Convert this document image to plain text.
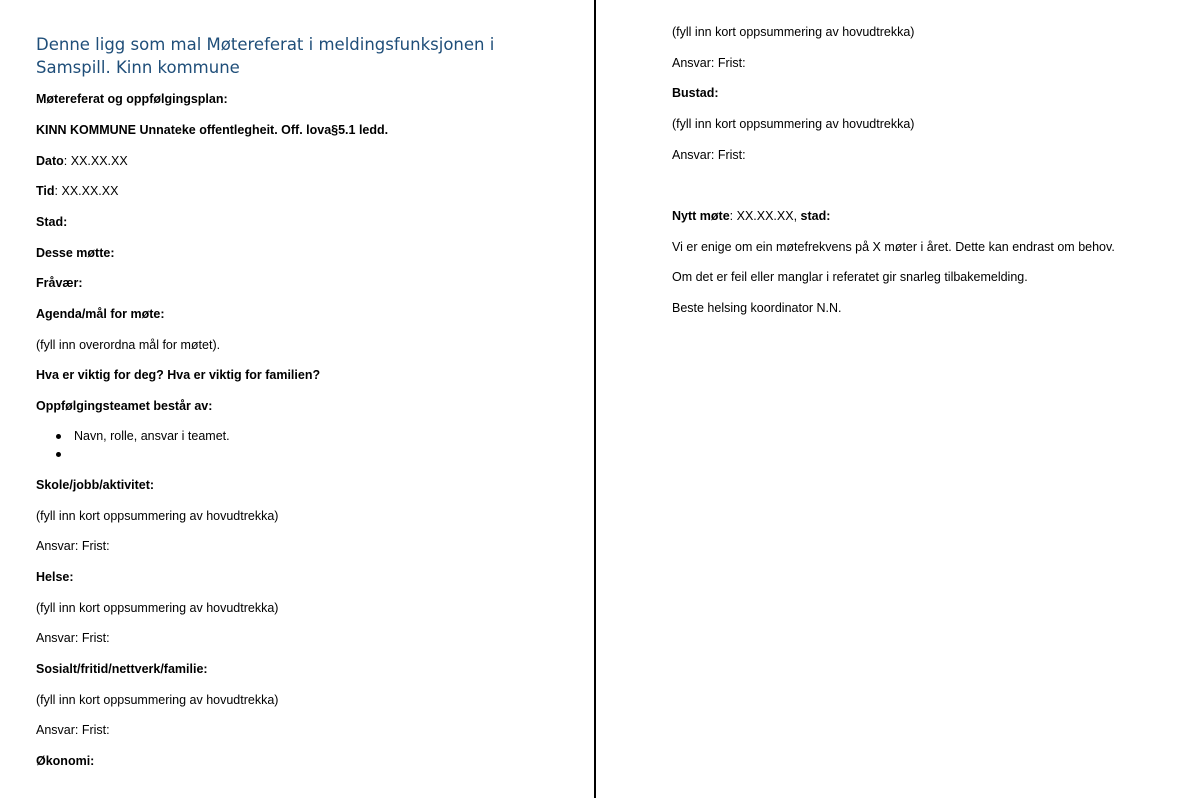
Denne ligg som mal Møtereferat i meldingsfunksjonen i Samspill. Kinn kommune
Møtereferat og oppfølgingsplan:
KINN KOMMUNE Unnateke offentlegheit. Off. lova§5.1 ledd.
Dato: XX.XX.XX
Tid: XX.XX.XX
Stad:
Desse møtte:
Fråvær:
Agenda/mål for møte:
(fyll inn overordna mål for møtet).
Hva er viktig for deg? Hva er viktig for familien?
Oppfølgingsteamet består av:
Navn, rolle, ansvar i teamet.
Skole/jobb/aktivitet:
(fyll inn kort oppsummering av hovudtrekka)
Ansvar: Frist:
Helse:
(fyll inn kort oppsummering av hovudtrekka)
Ansvar: Frist:
Sosialt/fritid/nettverk/familie:
(fyll inn kort oppsummering av hovudtrekka)
Ansvar: Frist:
Økonomi:
(fyll inn kort oppsummering av hovudtrekka)
Ansvar: Frist:
Bustad:
(fyll inn kort oppsummering av hovudtrekka)
Ansvar: Frist:
Nytt møte: XX.XX.XX, stad:
Vi er enige om ein møtefrekvens på X møter i året. Dette kan endrast om behov.
Om det er feil eller manglar i referatet gir snarleg tilbakemelding.
Beste helsing koordinator N.N.
